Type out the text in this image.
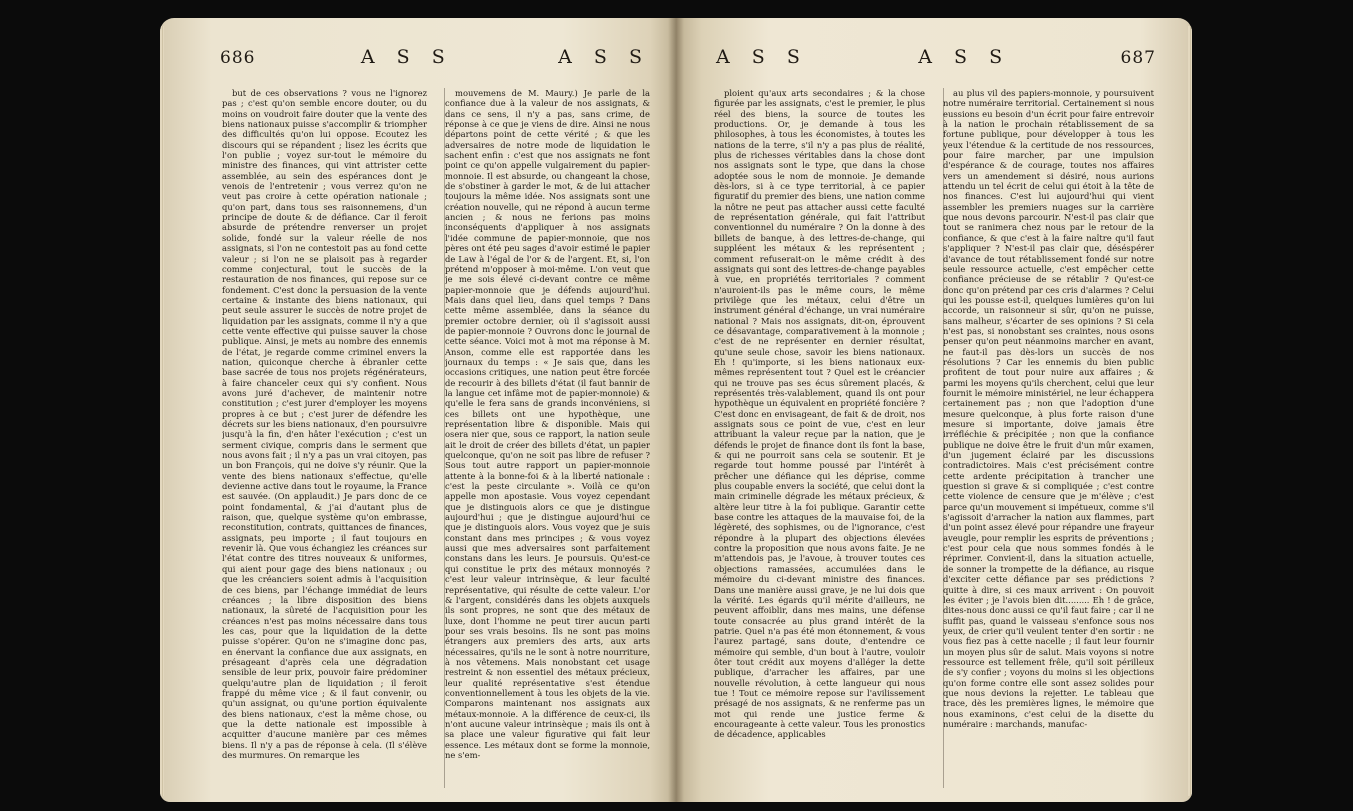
686	A S S	A S S

but de ces observations ? vous ne l'ignorez pas ; c'est qu'on semble encore douter, ou du moins on voudroit faire douter que la vente des biens nationaux puisse s'accomplir & triompher des difficultés qu'on lui oppose. Ecoutez les discours qui se répandent ; lisez les écrits que l'on publie ; voyez sur-tout le mémoire du ministre des finances, qui vint attrister cette assemblée, au sein des espérances dont je venois de l'entretenir ; vous verrez qu'on ne veut pas croire à cette opération nationale ; qu'on part, dans tous ses raisonnemens, d'un principe de doute & de défiance. Car il feroit absurde de prétendre renverser un projet solide, fondé sur la valeur réelle de nos assignats, si l'on ne contestoit pas au fond cette valeur ; si l'on ne se plaisoit pas à regarder comme conjectural, tout le succès de la restauration de nos finances, qui repose sur ce fondement. C'est donc la persuasion de la vente certaine & instante des biens nationaux, qui peut seule assurer le succès de notre projet de liquidation par les assignats, comme il n'y a que cette vente effective qui puisse sauver la chose publique. Ainsi, je mets au nombre des ennemis de l'état, je regarde comme criminel envers la nation, quiconque cherche à ébranler cette base sacrée de tous nos projets régénérateurs, à faire chanceler ceux qui s'y confient. Nous avons juré d'achever, de maintenir notre constitution ; c'est jurer d'employer les moyens propres à ce but ; c'est jurer de défendre les décrets sur les biens nationaux, d'en poursuivre jusqu'à la fin, d'en hâter l'exécution ; c'est un serment civique, compris dans le serment que nous avons fait ; il n'y a pas un vrai citoyen, pas un bon François, qui ne doive s'y réunir. Que la vente des biens nationaux s'effectue, qu'elle devienne active dans tout le royaume, la France est sauvée. (On applaudit.) Je pars donc de ce point fondamental, & j'ai d'autant plus de raison, que, quelque système qu'on embrasse, reconstitution, contrats, quittances de finances, assignats, peu importe ; il faut toujours en revenir là. Que vous échangiez les créances sur l'état contre des titres nouveaux & uniformes, qui aient pour gage des biens nationaux ; ou que les créanciers soient admis à l'acquisition de ces biens, par l'échange immédiat de leurs créances ; la libre disposition des biens nationaux, la sûreté de l'acquisition pour les créances n'est pas moins nécessaire dans tous les cas, pour que la liquidation de la dette puisse s'opérer. Qu'on ne s'imagine donc pas, en énervant la confiance due aux assignats, en présageant d'après cela une dégradation sensible de leur prix, pouvoir faire prédominer quelqu'autre plan de liquidation ; il feroit frappé du même vice ; & il faut convenir, ou qu'un assignat, ou qu'une portion équivalente des biens nationaux, c'est la même chose, ou que la dette nationale est impossible à acquitter d'aucune manière par ces mêmes biens. Il n'y a pas de réponse à cela. (Il s'élève des murmures. On remarque les

mouvemens de M. Maury.) Je parle de la confiance due à la valeur de nos assignats, & dans ce sens, il n'y a pas, sans crime, de réponse à ce que je viens de dire. Ainsi ne nous départons point de cette vérité ; & que les adversaires de notre mode de liquidation le sachent enfin : c'est que nos assignats ne font point ce qu'on appelle vulgairement du papier-monnoie. Il est absurde, ou changeant la chose, de s'obstiner à garder le mot, & de lui attacher toujours la même idée. Nos assignats sont une création nouvelle, qui ne répond à aucun terme ancien ; & nous ne ferions pas moins inconséquents d'appliquer à nos assignats l'idée commune de papier-monnoie, que nos pères ont été peu sages d'avoir estimé le papier de Law à l'égal de l'or & de l'argent. Et, si, l'on prétend m'opposer à moi-même. L'on veut que je me sois élevé ci-devant contre ce même papier-monnoie que je défends aujourd'hui. Mais dans quel lieu, dans quel temps ? Dans cette même assemblée, dans la séance du premier octobre dernier, où il s'agissoit aussi de papier-monnoie ? Ouvrons donc le journal de cette séance. Voici mot à mot ma réponse à M. Anson, comme elle est rapportée dans les journaux du temps : « Je sais que, dans les occasions critiques, une nation peut être forcée de recourir à des billets d'état (il faut bannir de la langue cet infâme mot de papier-monnoie) & qu'elle le fera sans de grands inconvéniens, si ces billets ont une hypothèque, une représentation libre & disponible. Mais qui osera nier que, sous ce rapport, la nation seule ait le droit de créer des billets d'état, un papier quelconque, qu'on ne soit pas libre de refuser ? Sous tout autre rapport un papier-monnoie attente à la bonne-foi & à la liberté nationale : c'est la peste circulante ». Voilà ce qu'on appelle mon apostasie. Vous voyez cependant que je distinguois alors ce que je distingue aujourd'hui ; que je distingue aujourd'hui ce que je distinguois alors. Vous voyez que je suis constant dans mes principes ; & vous voyez aussi que mes adversaires sont parfaitement constans dans les leurs. Je poursuis. Qu'est-ce qui constitue le prix des métaux monnoyés ? c'est leur valeur intrinsèque, & leur faculté représentative, qui résulte de cette valeur. L'or & l'argent, considérés dans les objets auxquels ils sont propres, ne sont que des métaux de luxe, dont l'homme ne peut tirer aucun parti pour ses vrais besoins. Ils ne sont pas moins étrangers aux premiers des arts, aux arts nécessaires, qu'ils ne le sont à notre nourriture, à nos vêtemens. Mais nonobstant cet usage restreint & non essentiel des métaux précieux, leur qualité représentative s'est étendue conventionnellement à tous les objets de la vie. Comparons maintenant nos assignats aux métaux-monnoie. A la différence de ceux-ci, ils n'ont aucune valeur intrinsèque ; mais ils ont à sa place une valeur figurative qui fait leur essence. Les métaux dont se forme la monnoie, ne s'em-

A S S	A S S	687

ploient qu'aux arts secondaires ; & la chose figurée par les assignats, c'est le premier, le plus réel des biens, la source de toutes les productions. Or, je demande à tous les philosophes, à tous les économistes, à toutes les nations de la terre, s'il n'y a pas plus de réalité, plus de richesses véritables dans la chose dont nos assignats sont le type, que dans la chose adoptée sous le nom de monnoie. Je demande dès-lors, si à ce type territorial, à ce papier figuratif du premier des biens, une nation comme la nôtre ne peut pas attacher aussi cette faculté de représentation générale, qui fait l'attribut conventionnel du numéraire ? On la donne à des billets de banque, à des lettres-de-change, qui suppléent les métaux & les représentent ; comment refuserait-on le même crédit à des assignats qui sont des lettres-de-change payables à vue, en propriétés territoriales ? comment n'auroient-ils pas le même cours, le même privilège que les métaux, celui d'être un instrument général d'échange, un vrai numéraire national ? Mais nos assignats, dit-on, éprouvent ce désavantage, comparativement à la monnoie ; c'est de ne représenter en dernier résultat, qu'une seule chose, savoir les biens nationaux. Eh ! qu'importe, si les biens nationaux eux-mêmes représentent tout ? Quel est le créancier qui ne trouve pas ses écus sûrement placés, & représentés très-valablement, quand ils ont pour hypothèque un équivalent en propriété foncière ? C'est donc en envisageant, de fait & de droit, nos assignats sous ce point de vue, c'est en leur attribuant la valeur reçue par la nation, que je défends le projet de finance dont ils font la base, & qui ne pourroit sans cela se soutenir. Et je regarde tout homme poussé par l'intérêt à prêcher une défiance qui les déprise, comme plus coupable envers la société, que celui dont la main criminelle dégrade les métaux précieux, & altère leur titre à la foi publique. Garantir cette base contre les attaques de la mauvaise foi, de la légèreté, des sophismes, ou de l'ignorance, c'est répondre à la plupart des objections élevées contre la proposition que nous avons faite. Je ne m'attendois pas, je l'avoue, à trouver toutes ces objections ramassées, accumulées dans le mémoire du ci-devant ministre des finances. Dans une manière aussi grave, je ne lui dois que la vérité. Les égards qu'il mérite d'ailleurs, ne peuvent affoiblir, dans mes mains, une défense toute consacrée au plus grand intérêt de la patrie. Quel n'a pas été mon étonnement, & vous l'aurez partagé, sans doute, d'entendre ce mémoire qui semble, d'un bout à l'autre, vouloir ôter tout crédit aux moyens d'alléger la dette publique, d'arracher les affaires, par une nouvelle révolution, à cette langueur qui nous tue ! Tout ce mémoire repose sur l'avilissement présagé de nos assignats, & ne renferme pas un mot qui rende une justice ferme & encourageante à cette valeur. Tous les pronostics de décadence, applicables

au plus vil des papiers-monnoie, y poursuivent notre numéraire territorial. Certainement si nous eussions eu besoin d'un écrit pour faire entrevoir à la nation le prochain rétablissement de sa fortune publique, pour développer à tous les yeux l'étendue & la certitude de nos ressources, pour faire marcher, par une impulsion d'espérance & de courage, toutes nos affaires vers un amendement si désiré, nous aurions attendu un tel écrit de celui qui étoit à la tête de nos finances. C'est lui aujourd'hui qui vient assembler les premiers nuages sur la carrière que nous devons parcourir. N'est-il pas clair que tout se ranimera chez nous par le retour de la confiance, & que c'est à la faire naître qu'il faut s'appliquer ? N'est-il pas clair que, déséspérer d'avance de tout rétablissement fondé sur notre seule ressource actuelle, c'est empêcher cette confiance précieuse de se rétablir ? Qu'est-ce donc qu'on prétend par ces cris d'alarmes ? Celui qui les pousse est-il, quelques lumières qu'on lui accorde, un raisonneur si sûr, qu'on ne puisse, sans malheur, s'écarter de ses opinions ? Si cela n'est pas, si nonobstant ses craintes, nous osons penser qu'on peut néanmoins marcher en avant, ne faut-il pas dès-lors un succès de nos résolutions ? Car les ennemis du bien public profitent de tout pour nuire aux affaires ; & parmi les moyens qu'ils cherchent, celui que leur fournit le mémoire ministériel, ne leur échappera certainement pas ; non que l'adoption d'une mesure quelconque, à plus forte raison d'une mesure si importante, doive jamais être irréfléchie & précipitée ; non que la confiance publique ne doive être le fruit d'un mûr examen, d'un jugement éclairé par les discussions contradictoires. Mais c'est précisément contre cette ardente précipitation à trancher une question si grave & si compliquée ; c'est contre cette violence de censure que je m'élève ; c'est parce qu'un mouvement si impétueux, comme s'il s'agissoit d'arracher la nation aux flammes, part d'un point assez élevé pour répandre une frayeur aveugle, pour remplir les esprits de préventions ; c'est pour cela que nous sommes fondés à le réprimer. Convient-il, dans la situation actuelle, de sonner la trompette de la défiance, au risque d'exciter cette défiance par ses prédictions ? quitte à dire, si ces maux arrivent : On pouvoit les éviter ; je l'avois bien dit......... Eh ! de grâce, dites-nous donc aussi ce qu'il faut faire ; car il ne suffit pas, quand le vaisseau s'enfonce sous nos yeux, de crier qu'il veulent tenter d'en sortir : ne vous fiez pas à cette nacelle ; il faut leur fournir un moyen plus sûr de salut. Mais voyons si notre ressource est tellement frêle, qu'il soit périlleux de s'y confier ; voyons du moins si les objections qu'on forme contre elle sont assez solides pour que nous devions la rejetter. Le tableau que trace, dès les premières lignes, le mémoire que nous examinons, c'est celui de la disette du numéraire : marchands, manufac-
